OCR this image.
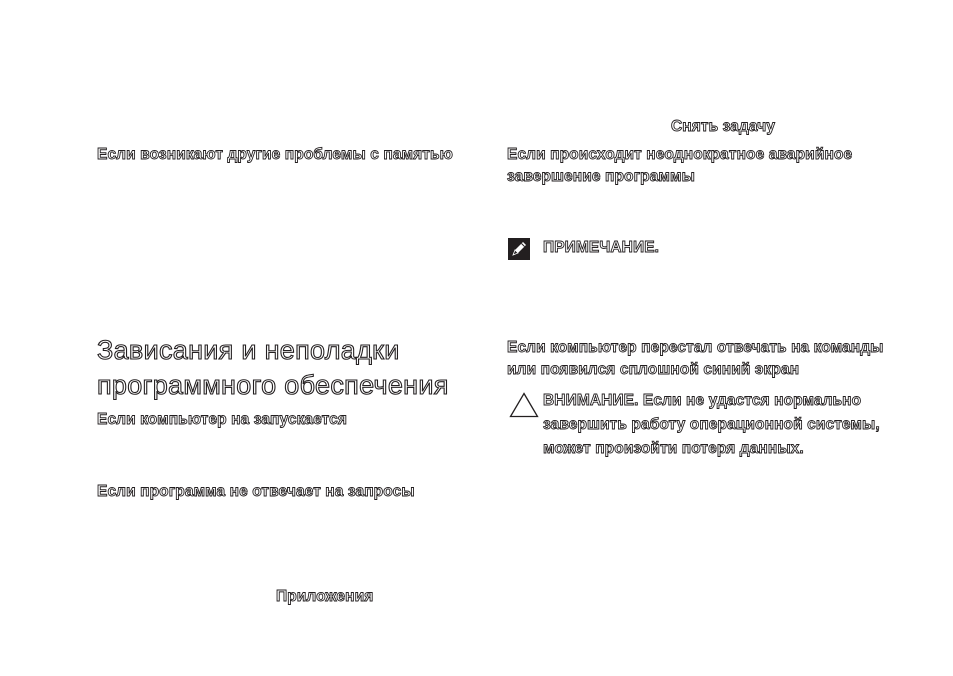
Если возникают другие проблемы с памятью
Зависания и неполадки
программного обеспечения
Если компьютер на запускается
Если программа не отвечает на запросы
Приложения
Снять задачу
Если происходит неоднократное аварийное
завершение программы
ПРИМЕЧАНИЕ.
Если компьютер перестал отвечать на команды
или появился сплошной синий экран
ВНИМАНИЕ. Если не удастся нормально
завершить работу операционной системы,
может произойти потеря данных.
